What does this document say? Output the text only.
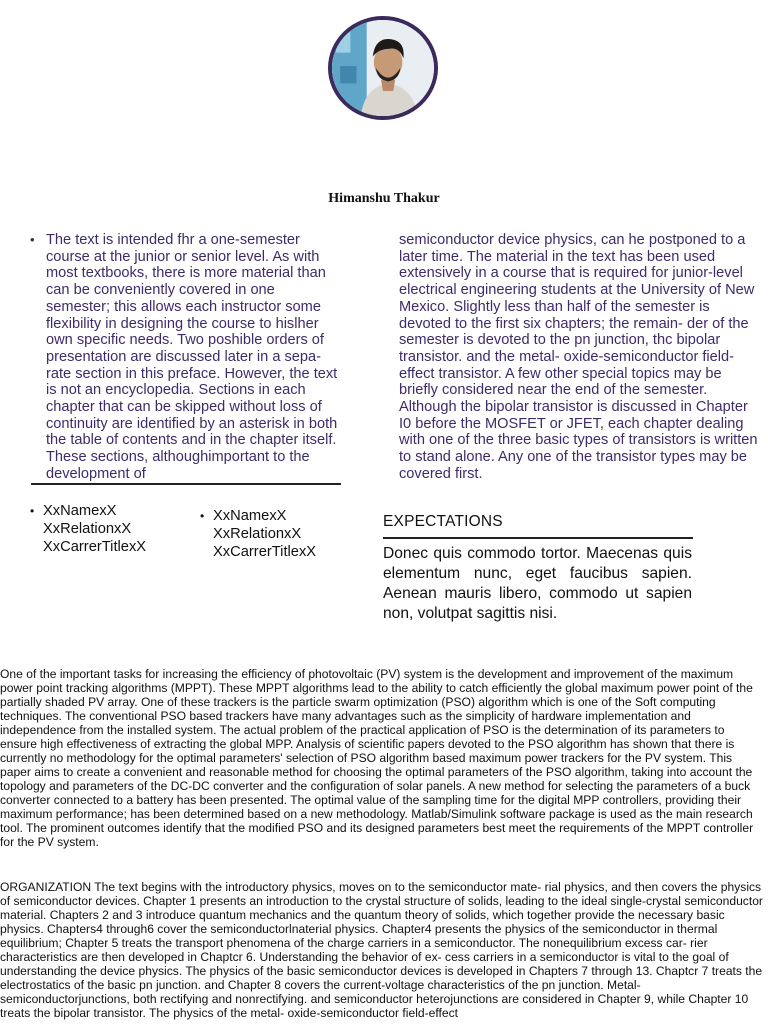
Himanshu Thakur
• The text is intended fhr a one-semester course at the junior or senior level. As with most textbooks, there is more material than can be conveniently covered in one semester; this allows each instructor some flexibility in designing the course to hislher own specific needs. Two poshible orders of presentation are discussed later in a sepa- rate section in this preface. However, the text is not an encyclopedia. Sections in each chapter that can be skipped without loss of continuity are identified by an asterisk in both the table of contents and in the chapter itself. These sections, althoughimportant to the development of
semiconductor device physics, can he postponed to a later time. The material in the text has been used extensively in a course that is required for junior-level electrical engineering students at the University of New Mexico. Slightly less than half of the semester is devoted to the first six chapters; the remain- der of the semester is devoted to the pn junction, thc bipolar transistor. and the metal- oxide-semiconductor field-effect transistor. A few other special topics may be briefly considered near the end of the semester. Although the bipolar transistor is discussed in Chapter I0 before the MOSFET or JFET, each chapter dealing with one of the three basic types of transistors is written to stand alone. Any one of the transistor types may be covered first.
• XxNamexX
XxRelationxX
XxCarrerTitlexX
• XxNamexX
XxRelationxX
XxCarrerTitlexX
EXPECTATIONS
Donec quis commodo tortor. Maecenas quis elementum nunc, eget faucibus sapien. Aenean mauris libero, commodo ut sapien non, volutpat sagittis nisi.
One of the important tasks for increasing the efficiency of photovoltaic (PV) system is the development and improvement of the maximum power point tracking algorithms (MPPT). These MPPT algorithms lead to the ability to catch efficiently the global maximum power point of the partially shaded PV array. One of these trackers is the particle swarm optimization (PSO) algorithm which is one of the Soft computing techniques. The conventional PSO based trackers have many advantages such as the simplicity of hardware implementation and independence from the installed system. The actual problem of the practical application of PSO is the determination of its parameters to ensure high effectiveness of extracting the global MPP. Analysis of scientific papers devoted to the PSO algorithm has shown that there is currently no methodology for the optimal parameters' selection of PSO algorithm based maximum power trackers for the PV system. This paper aims to create a convenient and reasonable method for choosing the optimal parameters of the PSO algorithm, taking into account the topology and parameters of the DC-DC converter and the configuration of solar panels. A new method for selecting the parameters of a buck converter connected to a battery has been presented. The optimal value of the sampling time for the digital MPP controllers, providing their maximum performance; has been determined based on a new methodology. Matlab/Simulink software package is used as the main research tool. The prominent outcomes identify that the modified PSO and its designed parameters best meet the requirements of the MPPT controller for the PV system.
ORGANIZATION The text begins with the introductory physics, moves on to the semiconductor mate- rial physics, and then covers the physics of semiconductor devices. Chapter 1 presents an introduction to the crystal structure of solids, leading to the ideal single-crystal semiconductor material. Chapters 2 and 3 introduce quantum mechanics and the quantum theory of solids, which together provide the necessary basic physics. Chapters4 through6 cover the semiconductorlnaterial physics. Chapter4 presents the physics of the semiconductor in thermal equilibrium; Chapter 5 treats the transport phenomena of the charge carriers in a semiconductor. The nonequilibrium excess car- rier characteristics are then developed in Chaptcr 6. Understanding the behavior of ex- cess carriers in a semiconductor is vital to the goal of understanding the device physics. The physics of the basic semiconductor devices is developed in Chapters 7 through 13. Chaptcr 7 treats the electrostatics of the basic pn junction. and Chapter 8 covers the current-voltage characteristics of the pn junction. Metal-semiconductorjunctions, both rectifying and nonrectifying. and semiconductor heterojunctions are considered in Chapter 9, while Chapter 10 treats the bipolar transistor. The physics of the metal- oxide-semiconductor field-effect
